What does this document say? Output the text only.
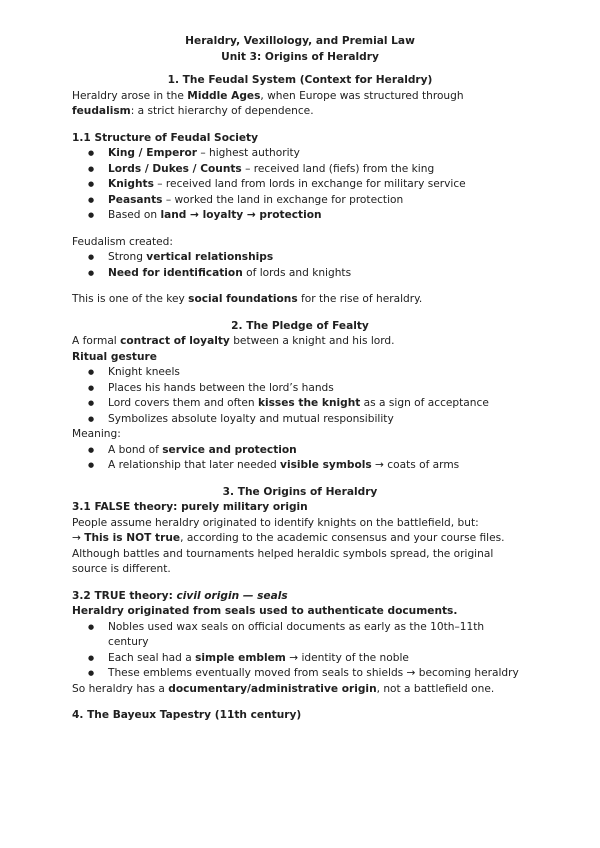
Heraldry, Vexillology, and Premial Law

Unit 3: Origins of Heraldry

1. The Feudal System (Context for Heraldry)

Heraldry arose in the Middle Ages, when Europe was structured through feudalism: a strict hierarchy of dependence.

1.1 Structure of Feudal Society

● King / Emperor – highest authority
● Lords / Dukes / Counts – received land (fiefs) from the king
● Knights – received land from lords in exchange for military service
● Peasants – worked the land in exchange for protection
● Based on land → loyalty → protection

Feudalism created:

● Strong vertical relationships
● Need for identification of lords and knights

This is one of the key social foundations for the rise of heraldry.

2. The Pledge of Fealty

A formal contract of loyalty between a knight and his lord.

Ritual gesture

● Knight kneels
● Places his hands between the lord’s hands
● Lord covers them and often kisses the knight as a sign of acceptance
● Symbolizes absolute loyalty and mutual responsibility

Meaning:

● A bond of service and protection
● A relationship that later needed visible symbols → coats of arms

3. The Origins of Heraldry

3.1 FALSE theory: purely military origin

People assume heraldry originated to identify knights on the battlefield, but:

→ This is NOT true, according to the academic consensus and your course files.

Although battles and tournaments helped heraldic symbols spread, the original source is different.

3.2 TRUE theory: civil origin — seals

Heraldry originated from seals used to authenticate documents.

● Nobles used wax seals on official documents as early as the 10th–11th century
● Each seal had a simple emblem → identity of the noble
● These emblems eventually moved from seals to shields → becoming heraldry

So heraldry has a documentary/administrative origin, not a battlefield one.

4. The Bayeux Tapestry (11th century)
